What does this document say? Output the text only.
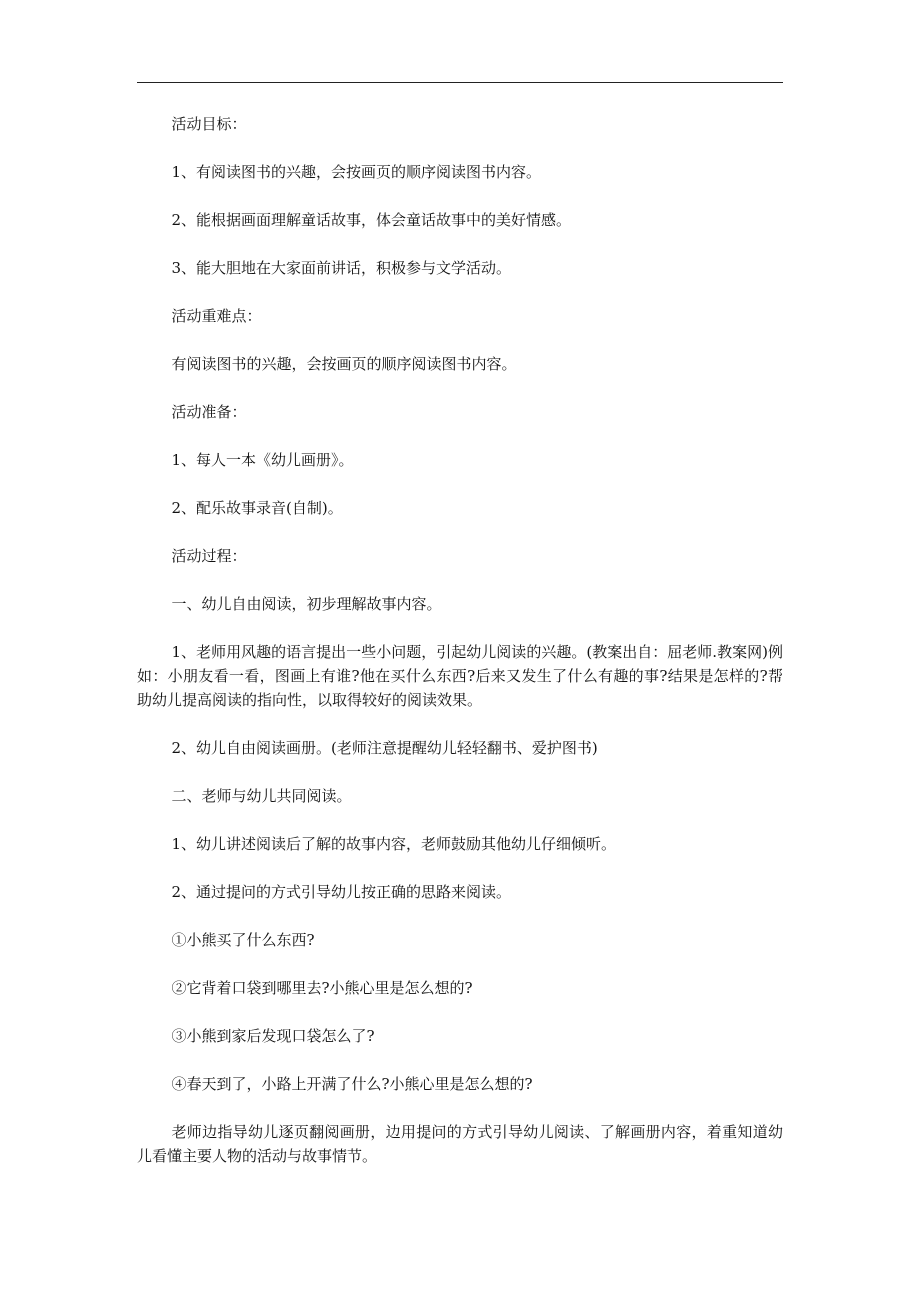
活动目标：

1、有阅读图书的兴趣，会按画页的顺序阅读图书内容。

2、能根据画面理解童话故事，体会童话故事中的美好情感。

3、能大胆地在大家面前讲话，积极参与文学活动。

活动重难点：

有阅读图书的兴趣，会按画页的顺序阅读图书内容。

活动准备：

1、每人一本《幼儿画册》。

2、配乐故事录音(自制)。

活动过程：

一、幼儿自由阅读，初步理解故事内容。

1、老师用风趣的语言提出一些小问题，引起幼儿阅读的兴趣。(教案出自：屈老师.教案网)例如：小朋友看一看，图画上有谁?他在买什么东西?后来又发生了什么有趣的事?结果是怎样的?帮助幼儿提高阅读的指向性，以取得较好的阅读效果。

2、幼儿自由阅读画册。(老师注意提醒幼儿轻轻翻书、爱护图书)

二、老师与幼儿共同阅读。

1、幼儿讲述阅读后了解的故事内容，老师鼓励其他幼儿仔细倾听。

2、通过提问的方式引导幼儿按正确的思路来阅读。

①小熊买了什么东西?

②它背着口袋到哪里去?小熊心里是怎么想的?

③小熊到家后发现口袋怎么了?

④春天到了，小路上开满了什么?小熊心里是怎么想的?

老师边指导幼儿逐页翻阅画册，边用提问的方式引导幼儿阅读、了解画册内容，着重知道幼儿看懂主要人物的活动与故事情节。
